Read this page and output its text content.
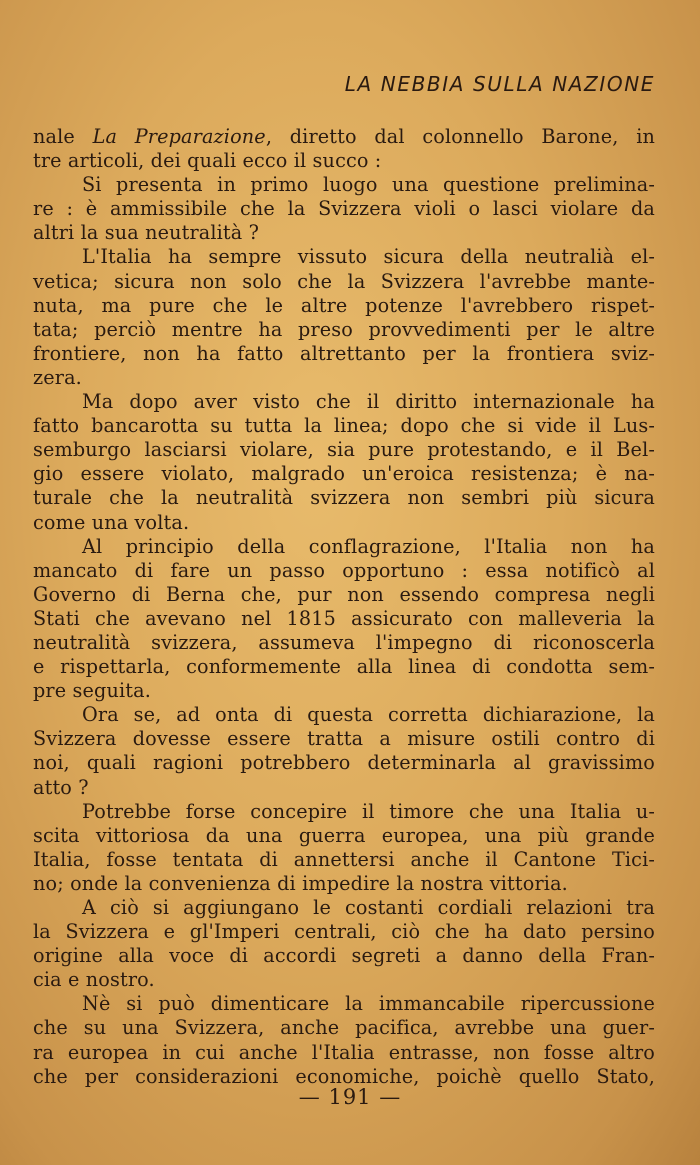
LA NEBBIA SULLA NAZIONE
nale La Preparazione, diretto dal colonnello Barone, in
tre articoli, dei quali ecco il succo :
Si presenta in primo luogo una questione prelimina-
re : è ammissibile che la Svizzera violi o lasci violare da
altri la sua neutralità ?
L'Italia ha sempre vissuto sicura della neutralià el-
vetica; sicura non solo che la Svizzera l'avrebbe mante-
nuta, ma pure che le altre potenze l'avrebbero rispet-
tata; perciò mentre ha preso provvedimenti per le altre
frontiere, non ha fatto altrettanto per la frontiera sviz-
zera.
Ma dopo aver visto che il diritto internazionale ha
fatto bancarotta su tutta la linea; dopo che si vide il Lus-
semburgo lasciarsi violare, sia pure protestando, e il Bel-
gio essere violato, malgrado un'eroica resistenza; è na-
turale che la neutralità svizzera non sembri più sicura
come una volta.
Al principio della conflagrazione, l'Italia non ha
mancato di fare un passo opportuno : essa notificò al
Governo di Berna che, pur non essendo compresa negli
Stati che avevano nel 1815 assicurato con malleveria la
neutralità svizzera, assumeva l'impegno di riconoscerla
e rispettarla, conformemente alla linea di condotta sem-
pre seguita.
Ora se, ad onta di questa corretta dichiarazione, la
Svizzera dovesse essere tratta a misure ostili contro di
noi, quali ragioni potrebbero determinarla al gravissimo
atto ?
Potrebbe forse concepire il timore che una Italia u-
scita vittoriosa da una guerra europea, una più grande
Italia, fosse tentata di annettersi anche il Cantone Tici-
no; onde la convenienza di impedire la nostra vittoria.
A ciò si aggiungano le costanti cordiali relazioni tra
la Svizzera e gl'Imperi centrali, ciò che ha dato persino
origine alla voce di accordi segreti a danno della Fran-
cia e nostro.
Nè si può dimenticare la immancabile ripercussione
che su una Svizzera, anche pacifica, avrebbe una guer-
ra europea in cui anche l'Italia entrasse, non fosse altro
che per considerazioni economiche, poichè quello Stato,
— 191 —
